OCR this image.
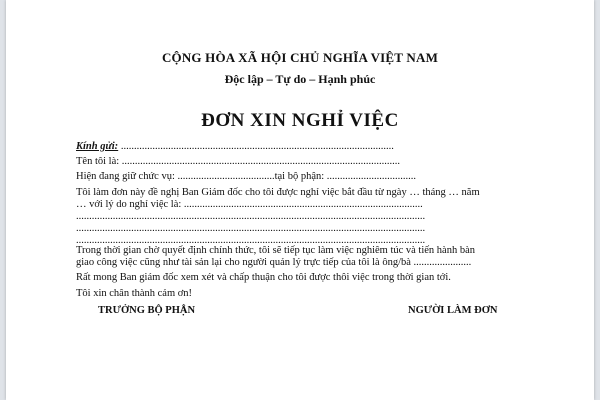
CỘNG HÒA XÃ HỘI CHỦ NGHĨA VIỆT NAM
Độc lập – Tự do – Hạnh phúc
ĐƠN XIN NGHỈ VIỆC
Kính gửi: ........................................................................................................
Tên tôi là: ..........................................................................................................
Hiện đang giữ chức vụ: .....................................tại bộ phận: ..................................
Tôi làm đơn này đề nghị Ban Giám đốc cho tôi được nghỉ việc bắt đầu từ ngày … tháng … năm
… với lý do nghỉ việc là: ...........................................................................................
.....................................................................................................................................
.....................................................................................................................................
.....................................................................................................................................
Trong thời gian chờ quyết định chính thức, tôi sẽ tiếp tục làm việc nghiêm túc và tiến hành bàn
giao công việc cũng như tài sản lại cho người quản lý trực tiếp của tôi là ông/bà ......................
Rất mong Ban giám đốc xem xét và chấp thuận cho tôi được thôi việc trong thời gian tới.
Tôi xin chân thành cảm ơn!
TRƯỞNG BỘ PHẬN	NGƯỜI LÀM ĐƠN
